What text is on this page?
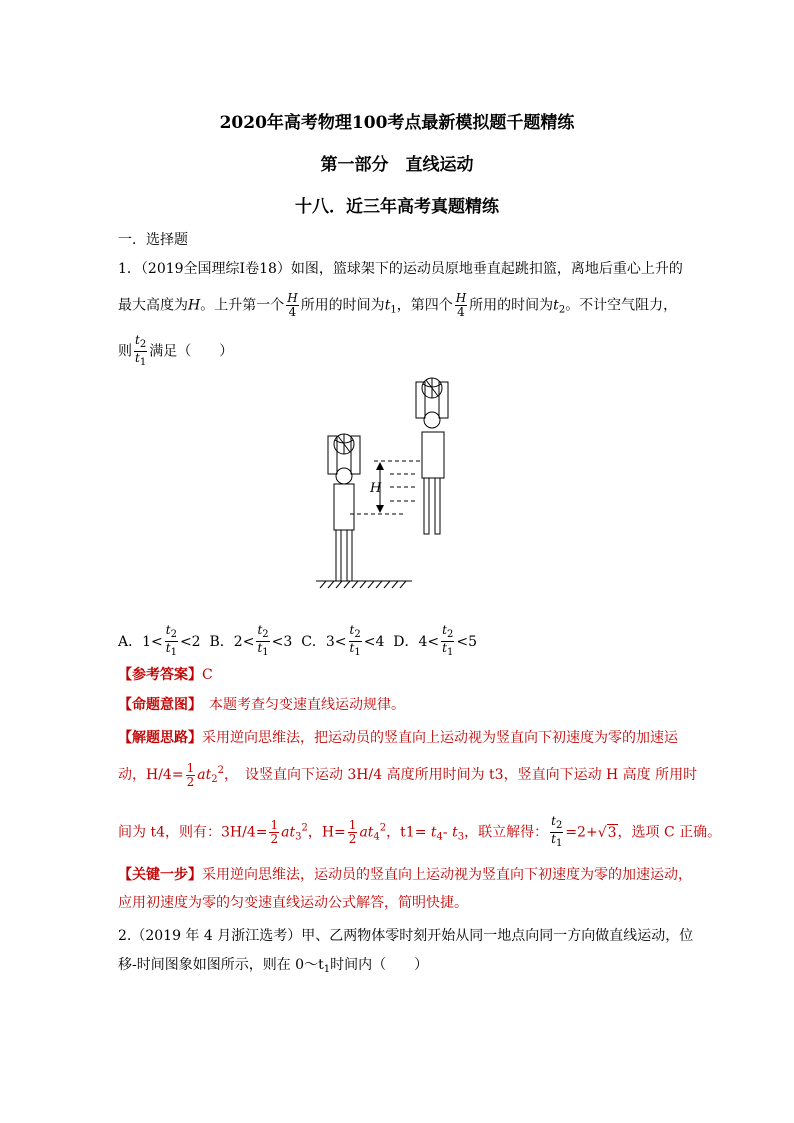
2020年高考物理100考点最新模拟题千题精练
第一部分　直线运动
十八．近三年高考真题精练
一．选择题
1．（2019全国理综I卷18）如图，篮球架下的运动员原地垂直起跳扣篮，离地后重心上升的
最大高度为H。上升第一个 $\frac{H}{4}$ 所用的时间为$t_1$，第四个 $\frac{H}{4}$ 所用的时间为$t_2$。不计空气阻力，
则 $\frac{t_2}{t_1}$ 满足（　　）
H
A．$1< \frac{t_2}{t_1} <2$ B．$2< \frac{t_2}{t_1} <3$ C．$3< \frac{t_2}{t_1} <4$ D．$4< \frac{t_2}{t_1} <5$
【参考答案】C
【命题意图】　本题考查匀变速直线运动规律。
【解题思路】采用逆向思维法，把运动员的竖直向上运动视为竖直向下初速度为零的加速运
动，$H/4= \frac{1}{2} at_2^2$，　设竖直向下运动 3H/4 高度所用时间为 t3，竖直向下运动 H 高度 所用时
间为 t4，则有：$3H/4= \frac{1}{2} at_3^2$，$H= \frac{1}{2} at_4^2$，$t1= t_4-$ $t_3$，联立解得： $\frac{t_2}{t_1} =2+√3$，选项 C 正确。
【关键一步】采用逆向思维法，运动员的竖直向上运动视为竖直向下初速度为零的加速运动，
应用初速度为零的匀变速直线运动公式解答，简明快捷。
2.（2019 年 4 月浙江选考）甲、乙两物体零时刻开始从同一地点向同一方向做直线运动，位
移-时间图象如图所示，则在 $0\sim t_1$时间内（　　）
